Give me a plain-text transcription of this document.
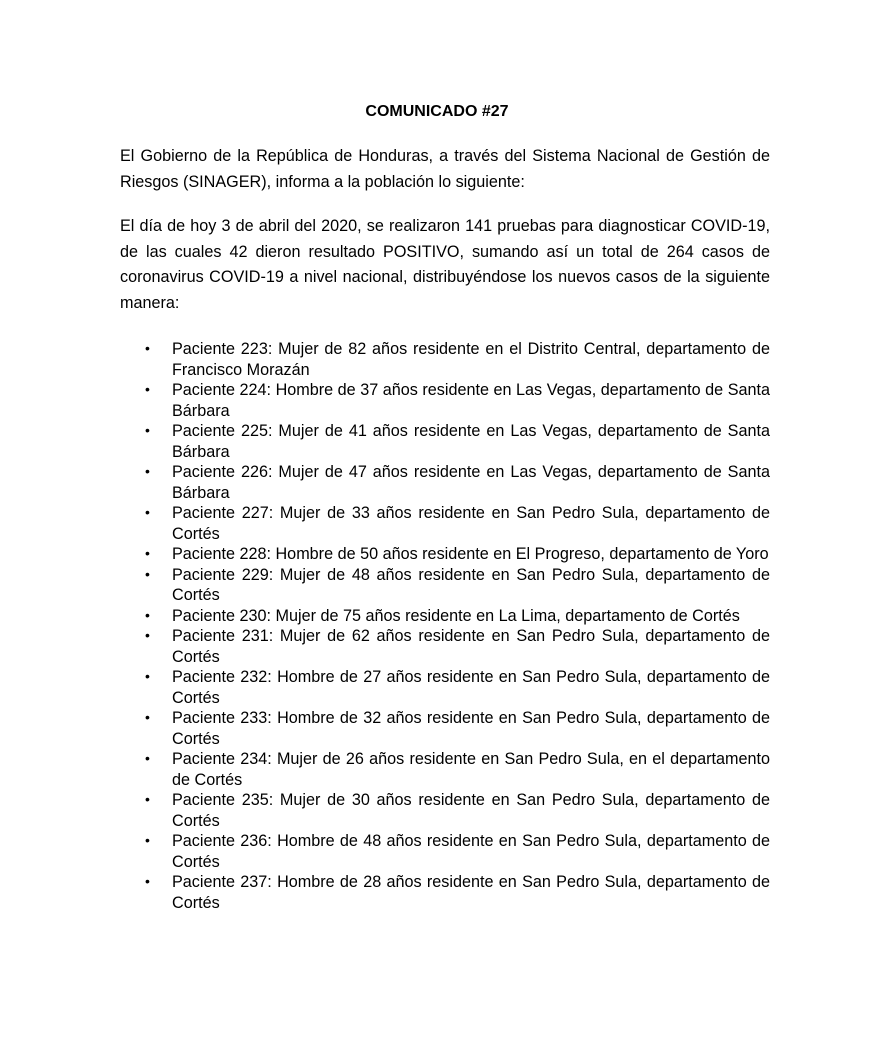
COMUNICADO #27

El Gobierno de la República de Honduras, a través del Sistema Nacional de Gestión de Riesgos (SINAGER), informa a la población lo siguiente:

El día de hoy 3 de abril del 2020, se realizaron 141 pruebas para diagnosticar COVID-19, de las cuales 42 dieron resultado POSITIVO, sumando así un total de 264 casos de coronavirus COVID-19 a nivel nacional, distribuyéndose los nuevos casos de la siguiente manera:

• Paciente 223: Mujer de 82 años residente en el Distrito Central, departamento de Francisco Morazán
• Paciente 224: Hombre de 37 años residente en Las Vegas, departamento de Santa Bárbara
• Paciente 225: Mujer de 41 años residente en Las Vegas, departamento de Santa Bárbara
• Paciente 226: Mujer de 47 años residente en Las Vegas, departamento de Santa Bárbara
• Paciente 227: Mujer de 33 años residente en San Pedro Sula, departamento de Cortés
• Paciente 228: Hombre de 50 años residente en El Progreso, departamento de Yoro
• Paciente 229: Mujer de 48 años residente en San Pedro Sula, departamento de Cortés
• Paciente 230: Mujer de 75 años residente en La Lima, departamento de Cortés
• Paciente 231: Mujer de 62 años residente en San Pedro Sula, departamento de Cortés
• Paciente 232: Hombre de 27 años residente en San Pedro Sula, departamento de Cortés
• Paciente 233: Hombre de 32 años residente en San Pedro Sula, departamento de Cortés
• Paciente 234: Mujer de 26 años residente en San Pedro Sula, en el departamento de Cortés
• Paciente 235: Mujer de 30 años residente en San Pedro Sula, departamento de Cortés
• Paciente 236: Hombre de 48 años residente en San Pedro Sula, departamento de Cortés
• Paciente 237: Hombre de 28 años residente en San Pedro Sula, departamento de Cortés
